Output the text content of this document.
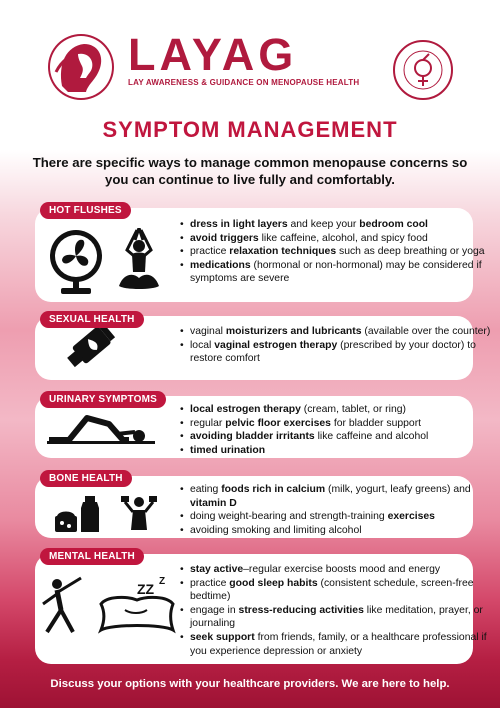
LAYAG
LAY AWARENESS & GUIDANCE ON MENOPAUSE HEALTH
SYMPTOM MANAGEMENT
There are specific ways to manage common menopause concerns so you can continue to live fully and comfortably.
HOT FLUSHES
• dress in light layers and keep your bedroom cool
• avoid triggers like caffeine, alcohol, and spicy food
• practice relaxation techniques such as deep breathing or yoga
• medications (hormonal or non-hormonal) may be considered if symptoms are severe
SEXUAL HEALTH
• vaginal moisturizers and lubricants (available over the counter)
• local vaginal estrogen therapy (prescribed by your doctor) to restore comfort
URINARY SYMPTOMS
• local estrogen therapy (cream, tablet, or ring)
• regular pelvic floor exercises for bladder support
• avoiding bladder irritants like caffeine and alcohol
• timed urination
BONE HEALTH
• eating foods rich in calcium (milk, yogurt, leafy greens) and vitamin D
• doing weight-bearing and strength-training exercises
• avoiding smoking and limiting alcohol
MENTAL HEALTH
ZZ Z
• stay active–regular exercise boosts mood and energy
• practice good sleep habits (consistent schedule, screen-free bedtime)
• engage in stress-reducing activities like meditation, prayer, or journaling
• seek support from friends, family, or a healthcare professional if you experience depression or anxiety
Discuss your options with your healthcare providers. We are here to help.
